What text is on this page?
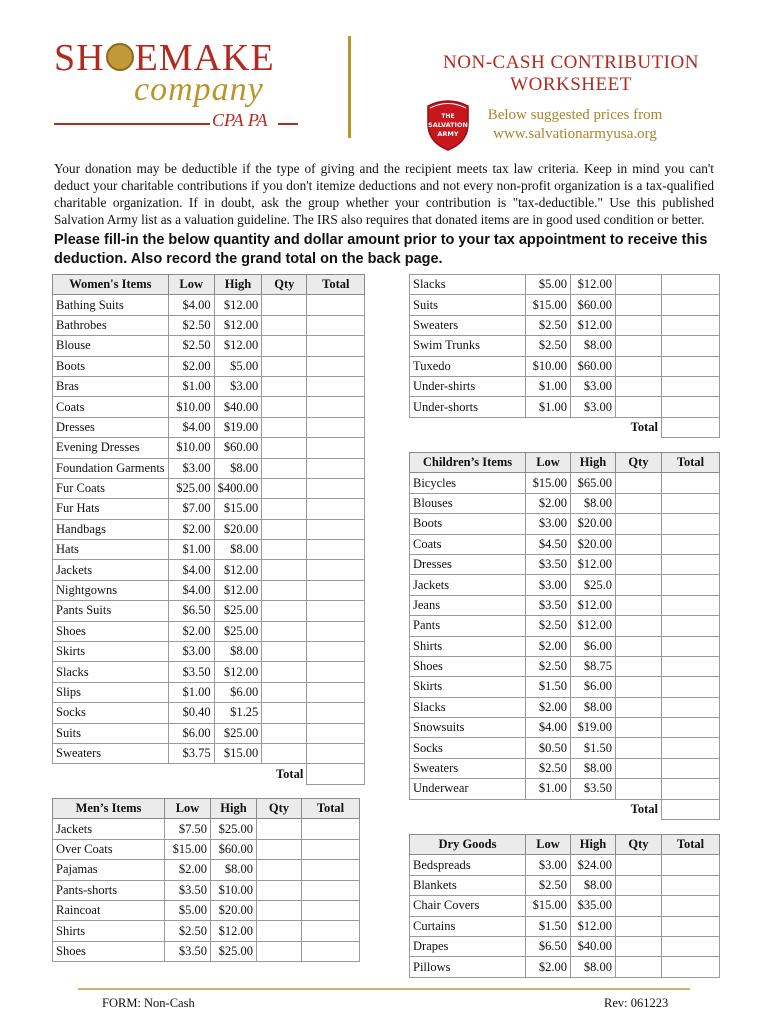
SH EMAKE
company
CPA PA
NON-CASH CONTRIBUTION
WORKSHEET
THE
SALVATION
ARMY
Below suggested prices from
www.salvationarmyusa.org
Your donation may be deductible if the type of giving and the recipient meets tax law criteria. Keep in mind you can't deduct your charitable contributions if you don't itemize deductions and not every non-profit organization is a tax-qualified charitable organization. If in doubt, ask the group whether your contribution is "tax-deductible." Use this published Salvation Army list as a valuation guideline. The IRS also requires that donated items are in good used condition or better.
Please fill-in the below quantity and dollar amount prior to your tax appointment to receive this
deduction. Also record the grand total on the back page.
Women's Items	Low	High	Qty	Total
Bathing Suits	$4.00	$12.00		
Bathrobes	$2.50	$12.00		
Blouse	$2.50	$12.00		
Boots	$2.00	$5.00		
Bras	$1.00	$3.00		
Coats	$10.00	$40.00		
Dresses	$4.00	$19.00		
Evening Dresses	$10.00	$60.00		
Foundation Garments	$3.00	$8.00		
Fur Coats	$25.00	$400.00		
Fur Hats	$7.00	$15.00		
Handbags	$2.00	$20.00		
Hats	$1.00	$8.00		
Jackets	$4.00	$12.00		
Nightgowns	$4.00	$12.00		
Pants Suits	$6.50	$25.00		
Shoes	$2.00	$25.00		
Skirts	$3.00	$8.00		
Slacks	$3.50	$12.00		
Slips	$1.00	$6.00		
Socks	$0.40	$1.25		
Suits	$6.00	$25.00		
Sweaters	$3.75	$15.00		
Total				
Men’s Items	Low	High	Qty	Total
Jackets	$7.50	$25.00		
Over Coats	$15.00	$60.00		
Pajamas	$2.00	$8.00		
Pants-shorts	$3.50	$10.00		
Raincoat	$5.00	$20.00		
Shirts	$2.50	$12.00		
Shoes	$3.50	$25.00		
Slacks	$5.00	$12.00		
Suits	$15.00	$60.00		
Sweaters	$2.50	$12.00		
Swim Trunks	$2.50	$8.00		
Tuxedo	$10.00	$60.00		
Under-shirts	$1.00	$3.00		
Under-shorts	$1.00	$3.00		
Total				
Children’s Items	Low	High	Qty	Total
Bicycles	$15.00	$65.00		
Blouses	$2.00	$8.00		
Boots	$3.00	$20.00		
Coats	$4.50	$20.00		
Dresses	$3.50	$12.00		
Jackets	$3.00	$25.0		
Jeans	$3.50	$12.00		
Pants	$2.50	$12.00		
Shirts	$2.00	$6.00		
Shoes	$2.50	$8.75		
Skirts	$1.50	$6.00		
Slacks	$2.00	$8.00		
Snowsuits	$4.00	$19.00		
Socks	$0.50	$1.50		
Sweaters	$2.50	$8.00		
Underwear	$1.00	$3.50		
Total				
Dry Goods	Low	High	Qty	Total
Bedspreads	$3.00	$24.00		
Blankets	$2.50	$8.00		
Chair Covers	$15.00	$35.00		
Curtains	$1.50	$12.00		
Drapes	$6.50	$40.00		
Pillows	$2.00	$8.00		
FORM: Non-Cash	Rev: 061223
